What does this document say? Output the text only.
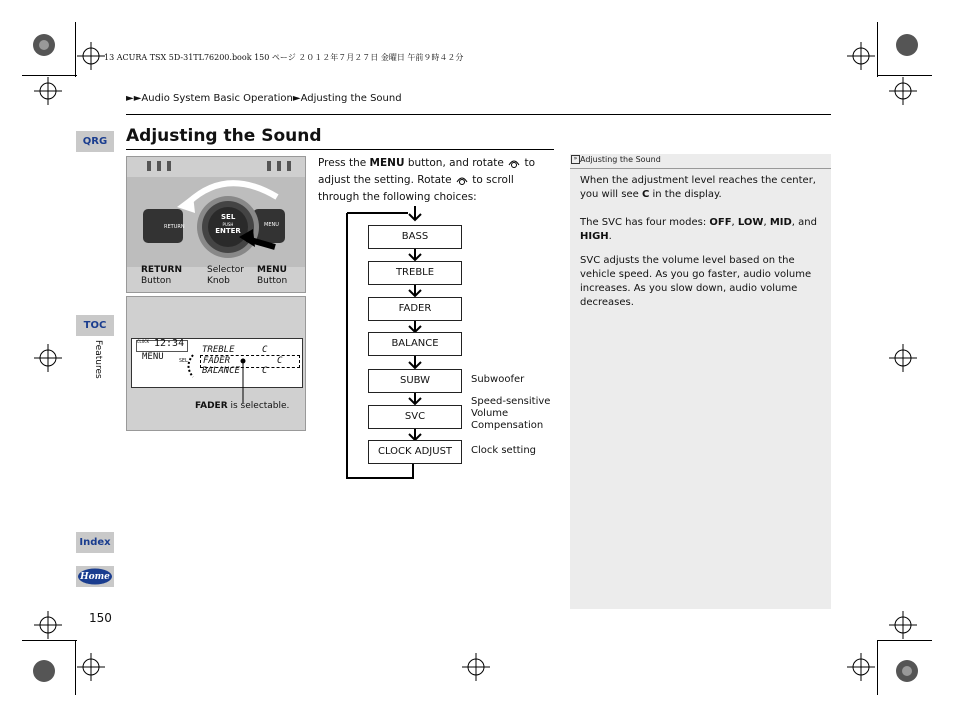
13 ACURA TSX 5D-31TL76200.book 150 ページ ２０１２年７月２７日 金曜日 午前９時４２分
►►Audio System Basic Operation►Adjusting the Sound
Adjusting the Sound
QRG
TOC
Features
Index
Home
150
RETURN	MENU
SEL
PUSH
ENTER
RETURN
Button
Selector
Knob
MENU
Button
CLOCK 12:34
MENU	SEL
TREBLE	C
FADER	C
BALANCE C
FADER is selectable.
Press the MENU button, and rotate  to adjust the setting. Rotate  to scroll through the following choices:
BASS
TREBLE
FADER
BALANCE
SUBW
SVC
CLOCK ADJUST
Subwoofer
Speed-sensitive
Volume
Compensation
Clock setting
» Adjusting the Sound

When the adjustment level reaches the center, you will see C in the display.

The SVC has four modes: OFF, LOW, MID, and HIGH.

SVC adjusts the volume level based on the vehicle speed. As you go faster, audio volume increases. As you slow down, audio volume decreases.
